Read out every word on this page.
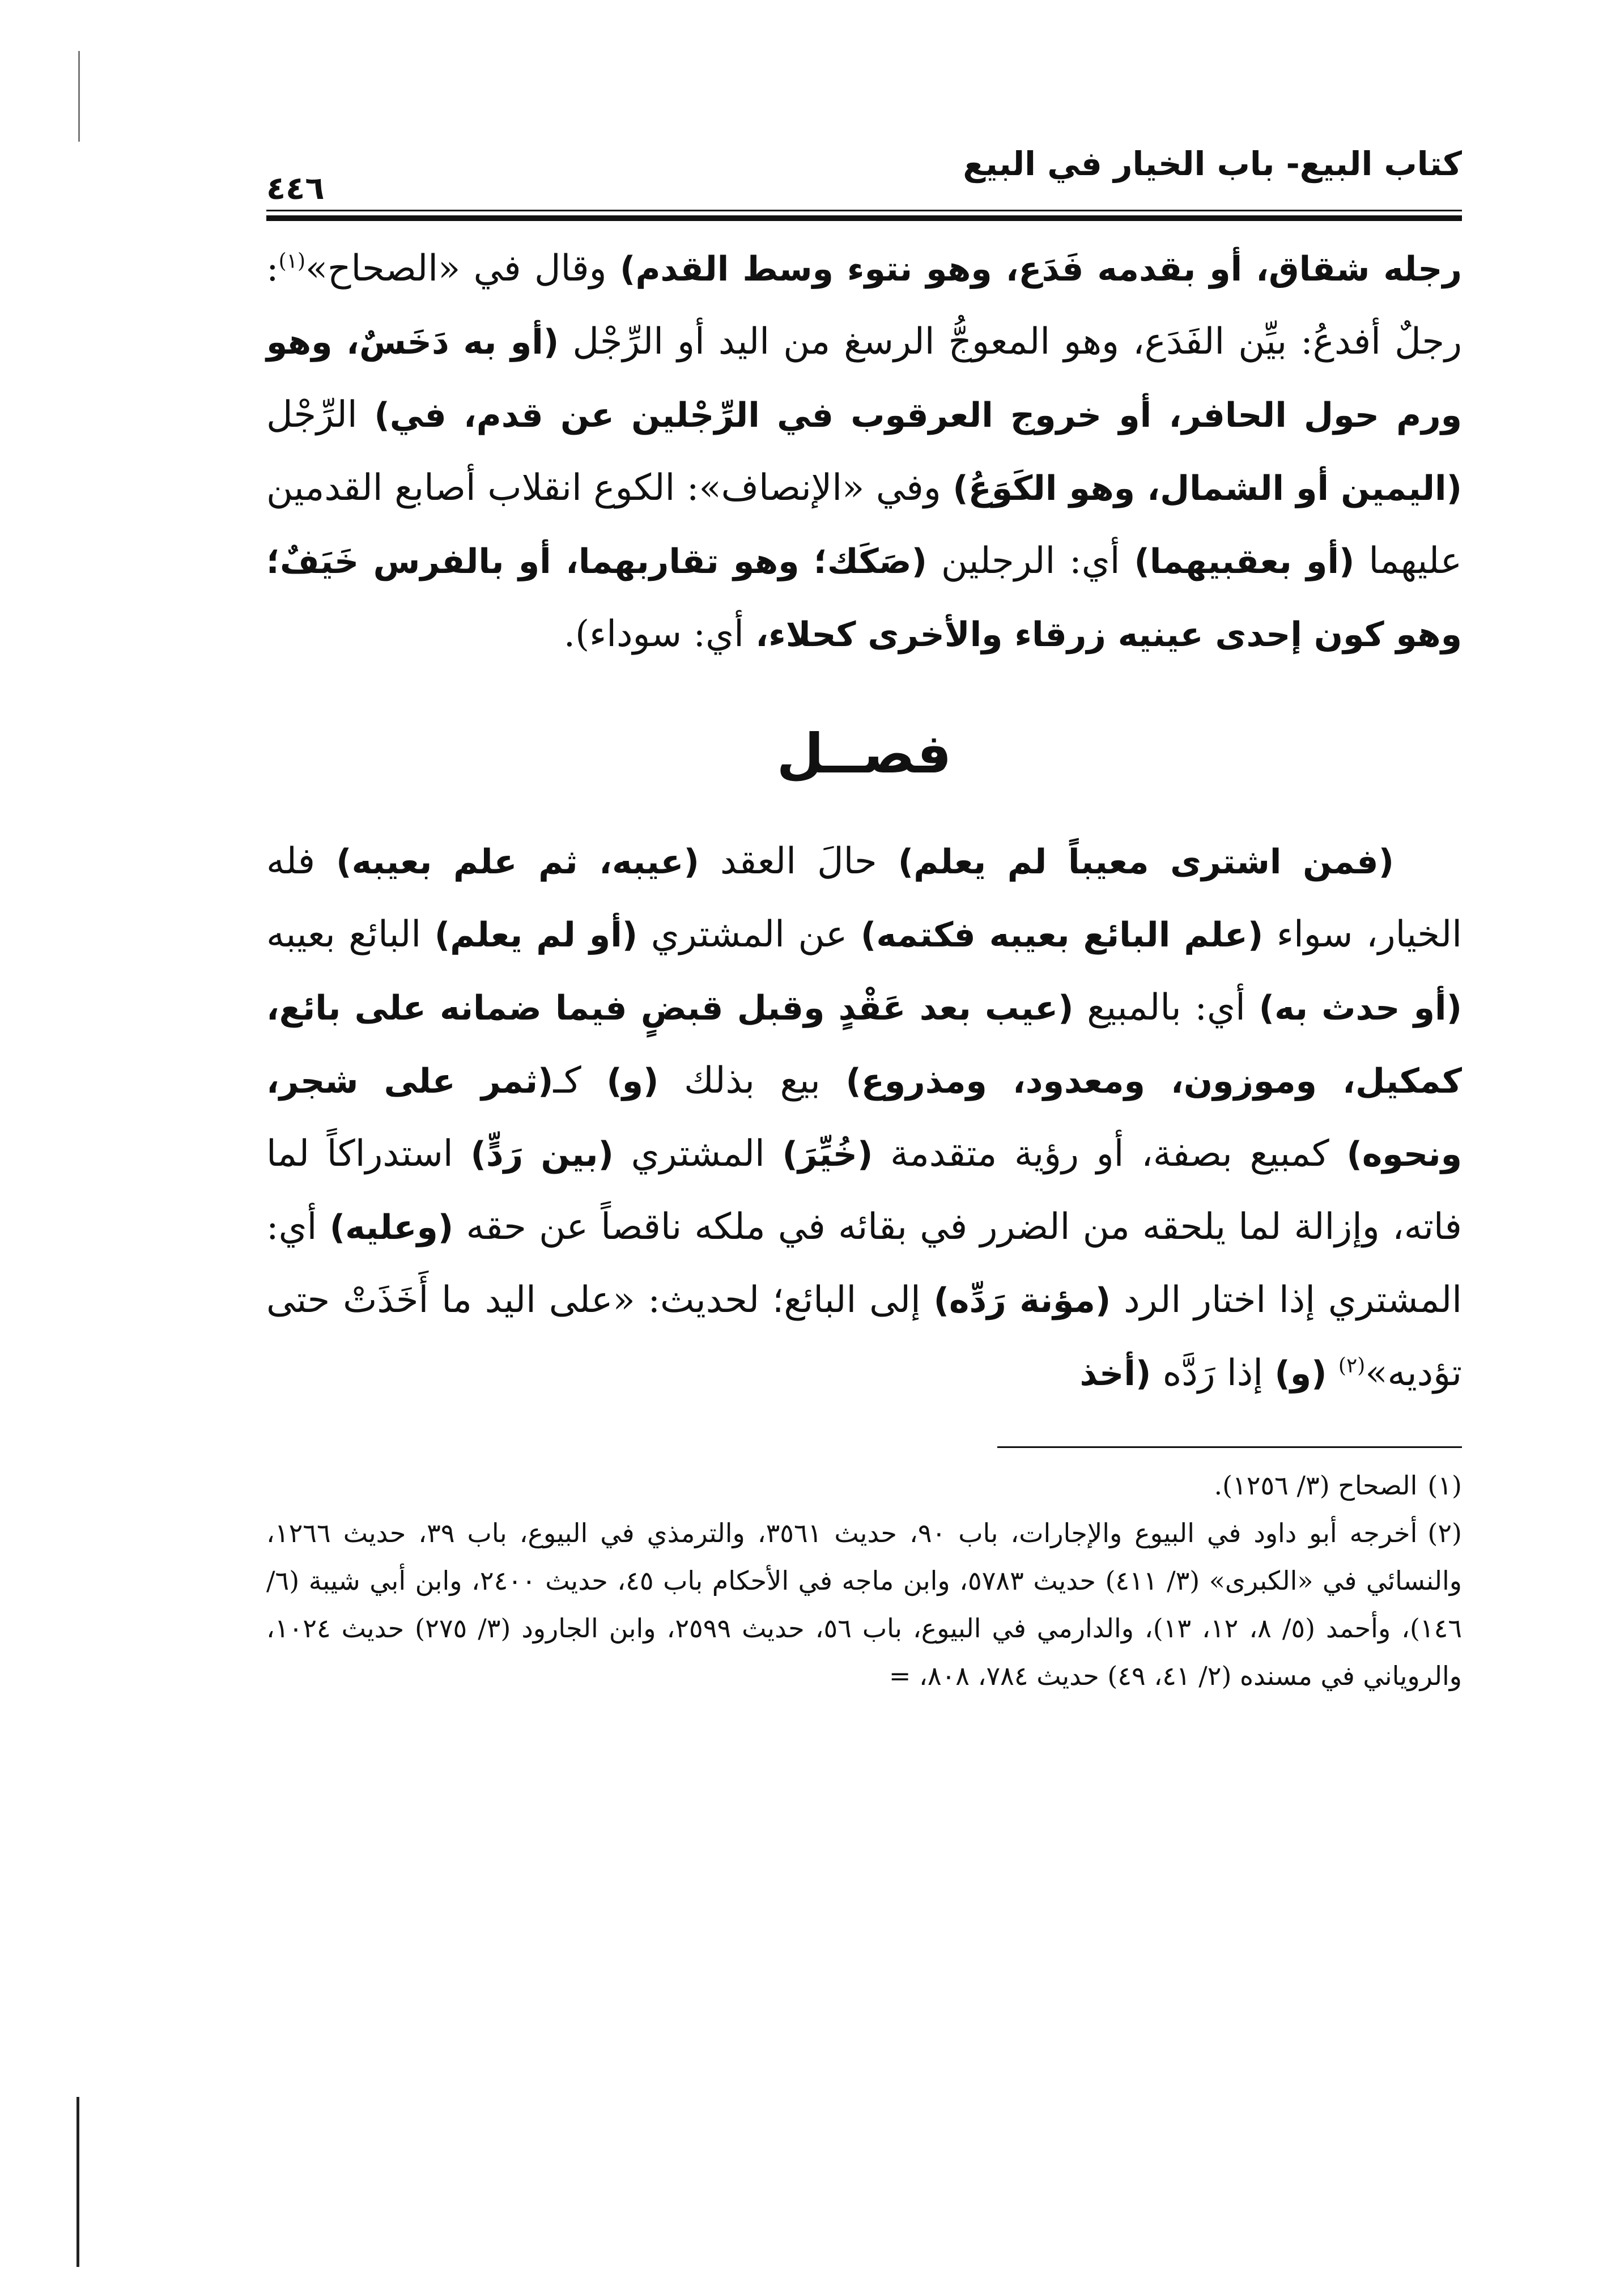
كتاب البيع- باب الخيار في البيع
٤٤٦

رجله شقاق، أو بقدمه فَدَع، وهو نتوء وسط القدم) وقال في «الصحاح»$^{(١)}$: رجلٌ أفدعُ: بيِّن الفَدَع، وهو المعوجُّ الرسغ من اليد أو الرِّجْل (أو به دَخَسٌ، وهو ورم حول الحافر، أو خروج العرقوب في الرِّجْلين عن قدم، في) الرِّجْل (اليمين أو الشمال، وهو الكَوَعُ) وفي «الإنصاف»: الكوع انقلاب أصابع القدمين عليهما (أو بعقبيهما) أي: الرجلين (صَكَك؛ وهو تقاربهما، أو بالفرس خَيَفٌ؛ وهو كون إحدى عينيه زرقاء والأخرى كحلاء، أي: سوداء).

فصــل

(فمن اشترى معيباً لم يعلم) حالَ العقد (عيبه، ثم علم بعيبه) فله الخيار، سواء (علم البائع بعيبه فكتمه) عن المشتري (أو لم يعلم) البائع بعيبه (أو حدث به) أي: بالمبيع (عيب بعد عَقْدٍ وقبل قبضٍ فيما ضمانه على بائع، كمكيل، وموزون، ومعدود، ومذروع) بيع بذلك (و) كـ(ثمر على شجر، ونحوه) كمبيع بصفة، أو رؤية متقدمة (خُيِّرَ) المشتري (بين رَدٍّ) استدراكاً لما فاته، وإزالة لما يلحقه من الضرر في بقائه في ملكه ناقصاً عن حقه (وعليه) أي: المشتري إذا اختار الرد (مؤنة رَدِّه) إلى البائع؛ لحديث: «على اليد ما أَخَذَتْ حتى تؤديه»$^{(٢)}$ (و) إذا رَدَّه (أخذ

(١)الصحاح (٣/ ١٢٥٦).

(٢)أخرجه أبو داود في البيوع والإجارات، باب ٩٠، حديث ٣٥٦١، والترمذي في البيوع، باب ٣٩، حديث ١٢٦٦، والنسائي في «الكبرى» (٣/ ٤١١) حديث ٥٧٨٣، وابن ماجه في الأحكام باب ٤٥، حديث ٢٤٠٠، وابن أبي شيبة (٦/ ١٤٦)، وأحمد (٥/ ٨، ١٢، ١٣)، والدارمي في البيوع، باب ٥٦، حديث ٢٥٩٩، وابن الجارود (٣/ ٢٧٥) حديث ١٠٢٤، والروياني في مسنده (٢/ ٤١، ٤٩) حديث ٧٨٤، ٨٠٨، =
